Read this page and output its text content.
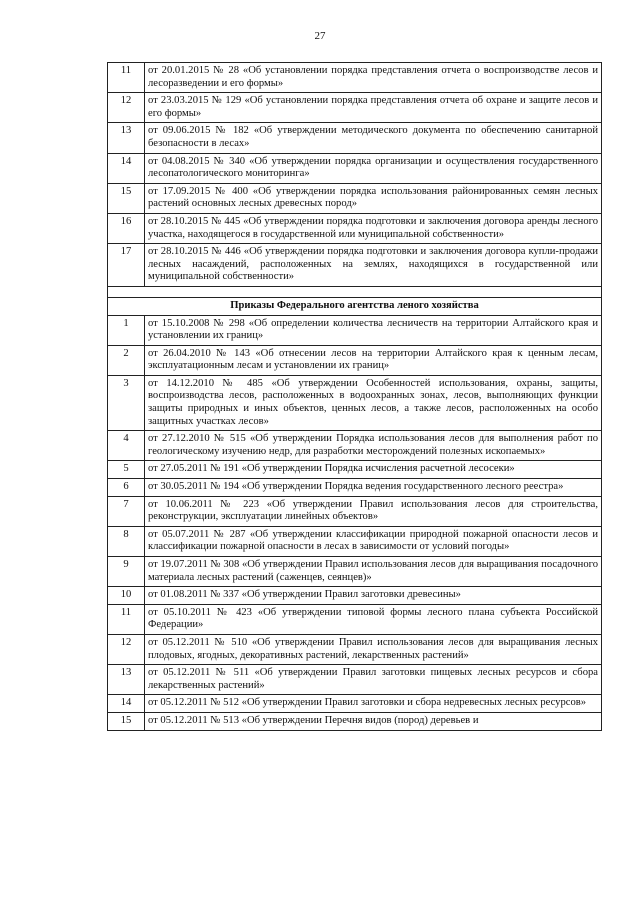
27
11	от 20.01.2015 № 28 «Об установлении порядка представления отчета о воспроизводстве лесов и лесоразведении и его формы»
12	от 23.03.2015 № 129 «Об установлении порядка представления отчета об охране и защите лесов и его формы»
13	от 09.06.2015 № 182 «Об утверждении методического документа по обеспечению санитарной безопасности в лесах»
14	от 04.08.2015 № 340 «Об утверждении порядка организации и осуществления государственного лесопатологического мониторинга»
15	от 17.09.2015 № 400 «Об утверждении порядка использования районированных семян лесных растений основных лесных древесных пород»
16	от 28.10.2015 № 445 «Об утверждении порядка подготовки и заключения договора аренды лесного участка, находящегося в государственной или муниципальной собственности»
17	от 28.10.2015 № 446 «Об утверждении порядка подготовки и заключения договора купли-продажи лесных насаждений, расположенных на землях, находящихся в государственной или муниципальной собственности»

Приказы Федерального агентства леного хозяйства	
1	от 15.10.2008 № 298 «Об определении количества лесничеств на территории Алтайского края и установлении их границ»
2	от 26.04.2010 № 143 «Об отнесении лесов на территории Алтайского края к ценным лесам, эксплуатационным лесам и установлении их границ»
3	от 14.12.2010 № 485 «Об утверждении Особенностей использования, охраны, защиты, воспроизводства лесов, расположенных в водоохранных зонах, лесов, выполняющих функции защиты природных и иных объектов, ценных лесов, а также лесов, расположенных на особо защитных участках лесов»
4	от 27.12.2010 № 515 «Об утверждении Порядка использования лесов для выполнения работ по геологическому изучению недр, для разработки месторождений полезных ископаемых»
5	от 27.05.2011 № 191 «Об утверждении Порядка исчисления расчетной лесосеки»
6	от 30.05.2011 № 194 «Об утверждении Порядка ведения государственного лесного реестра»
7	от 10.06.2011 № 223 «Об утверждении Правил использования лесов для строительства, реконструкции, эксплуатации линейных объектов»
8	от 05.07.2011 № 287 «Об утверждении классификации природной пожарной опасности лесов и классификации пожарной опасности в лесах в зависимости от условий погоды»
9	от 19.07.2011 № 308 «Об утверждении Правил использования лесов для выращивания посадочного материала лесных растений (саженцев, сеянцев)»
10	от 01.08.2011 № 337 «Об утверждении Правил заготовки древесины»
11	от 05.10.2011 № 423 «Об утверждении типовой формы лесного плана субъекта Российской Федерации»
12	от 05.12.2011 № 510 «Об утверждении Правил использования лесов для выращивания лесных плодовых, ягодных, декоративных растений, лекарственных растений»
13	от 05.12.2011 № 511 «Об утверждении Правил заготовки пищевых лесных ресурсов и сбора лекарственных растений»
14	от 05.12.2011 № 512 «Об утверждении Правил заготовки и сбора недревесных лесных ресурсов»
15	от 05.12.2011 № 513 «Об утверждении Перечня видов (пород) деревьев и
